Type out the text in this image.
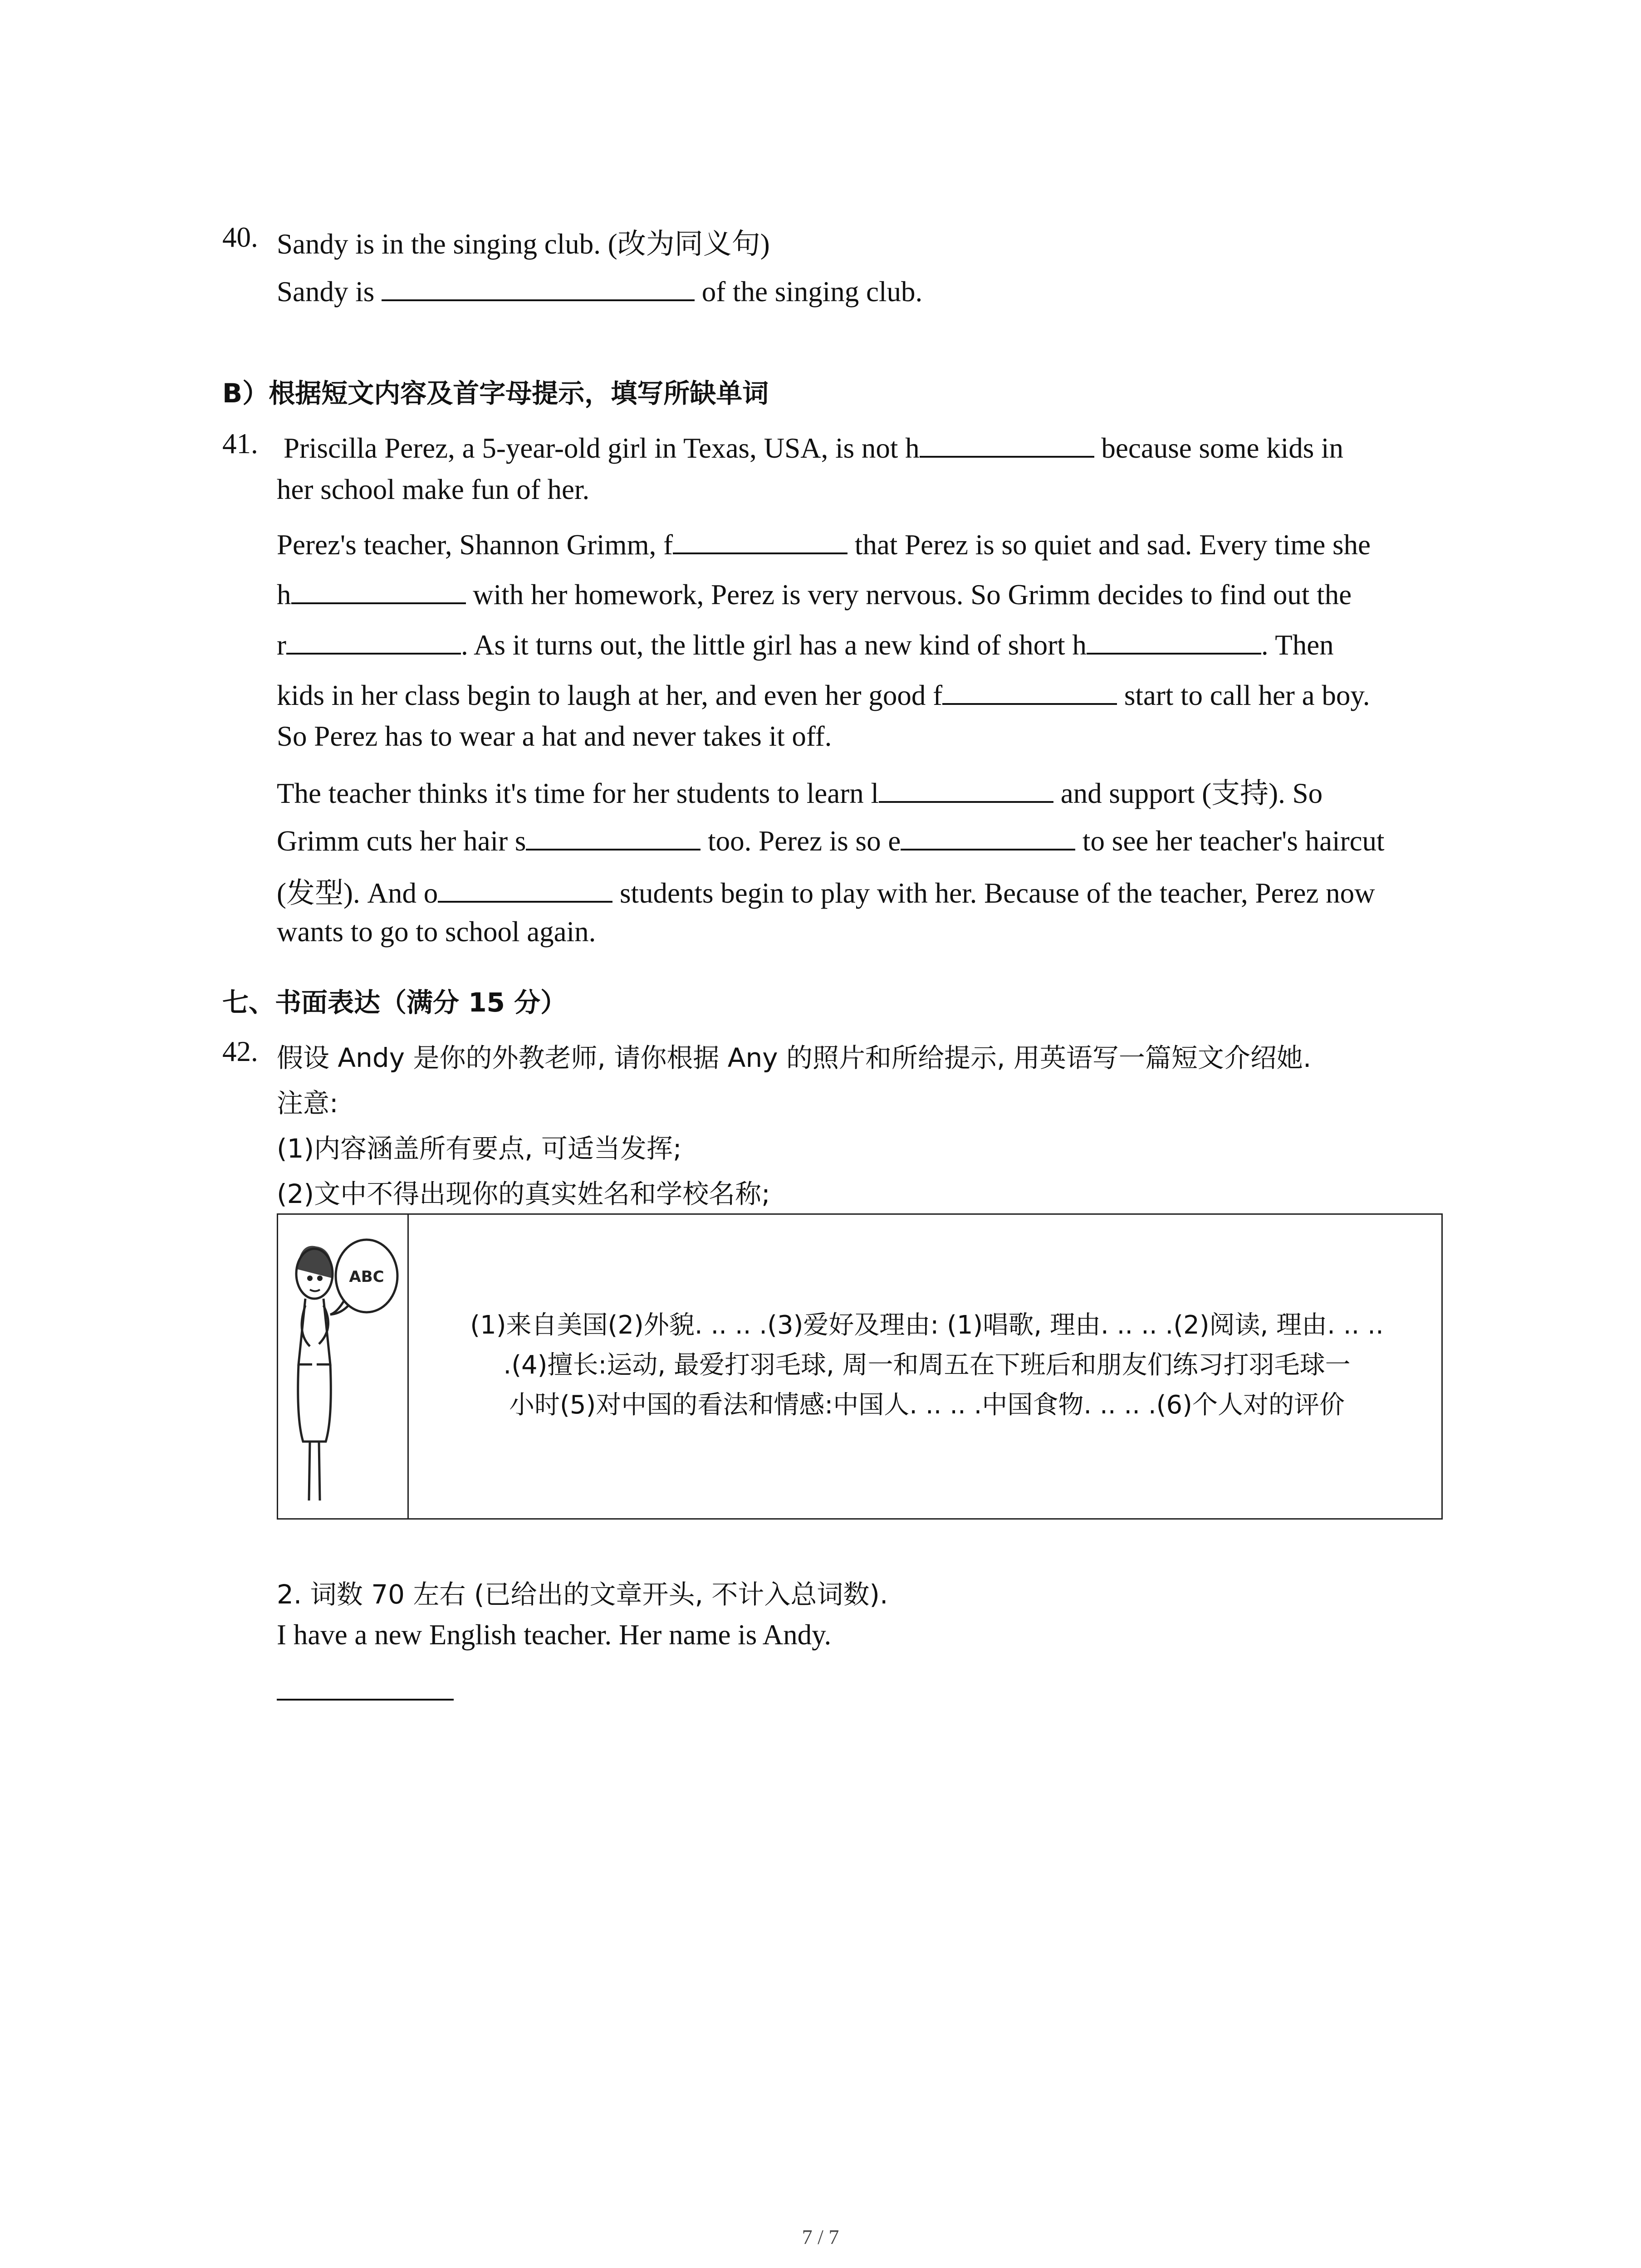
40. Sandy is in the singing club. (改为同义句)
Sandy is	of the singing club.
B）根据短文内容及首字母提示，填写所缺单词
41. Priscilla Perez, a 5-year-old girl in Texas, USA, is not h	because some kids in
her school make fun of her.
Perez's teacher, Shannon Grimm, f	that Perez is so quiet and sad. Every time she
h	with her homework, Perez is very nervous. So Grimm decides to find out the
r	. As it turns out, the little girl has a new kind of short h	. Then
kids in her class begin to laugh at her, and even her good f	start to call her a boy.
So Perez has to wear a hat and never takes it off.
The teacher thinks it's time for her students to learn l	and support (支持). So
Grimm cuts her hair s	too. Perez is so e	to see her teacher's haircut
(发型). And o	students begin to play with her. Because of the teacher, Perez now
wants to go to school again.
七、书面表达（满分 15 分）
42. 假设 Andy 是你的外教老师, 请你根据 Any 的照片和所给提示, 用英语写一篇短文介绍她.
注意:
(1)内容涵盖所有要点, 可适当发挥;
(2)文中不得出现你的真实姓名和学校名称;
ABC
(1)来自美国(2)外貌. .. .. .(3)爱好及理由: (1)唱歌, 理由. .. .. .(2)阅读, 理由. .. ..
.(4)擅长:运动, 最爱打羽毛球, 周一和周五在下班后和朋友们练习打羽毛球一
小时(5)对中国的看法和情感:中国人. .. .. .中国食物. .. .. .(6)个人对的评价
2. 词数 70 左右 (已给出的文章开头, 不计入总词数).
I have a new English teacher. Her name is Andy.
7 / 7
